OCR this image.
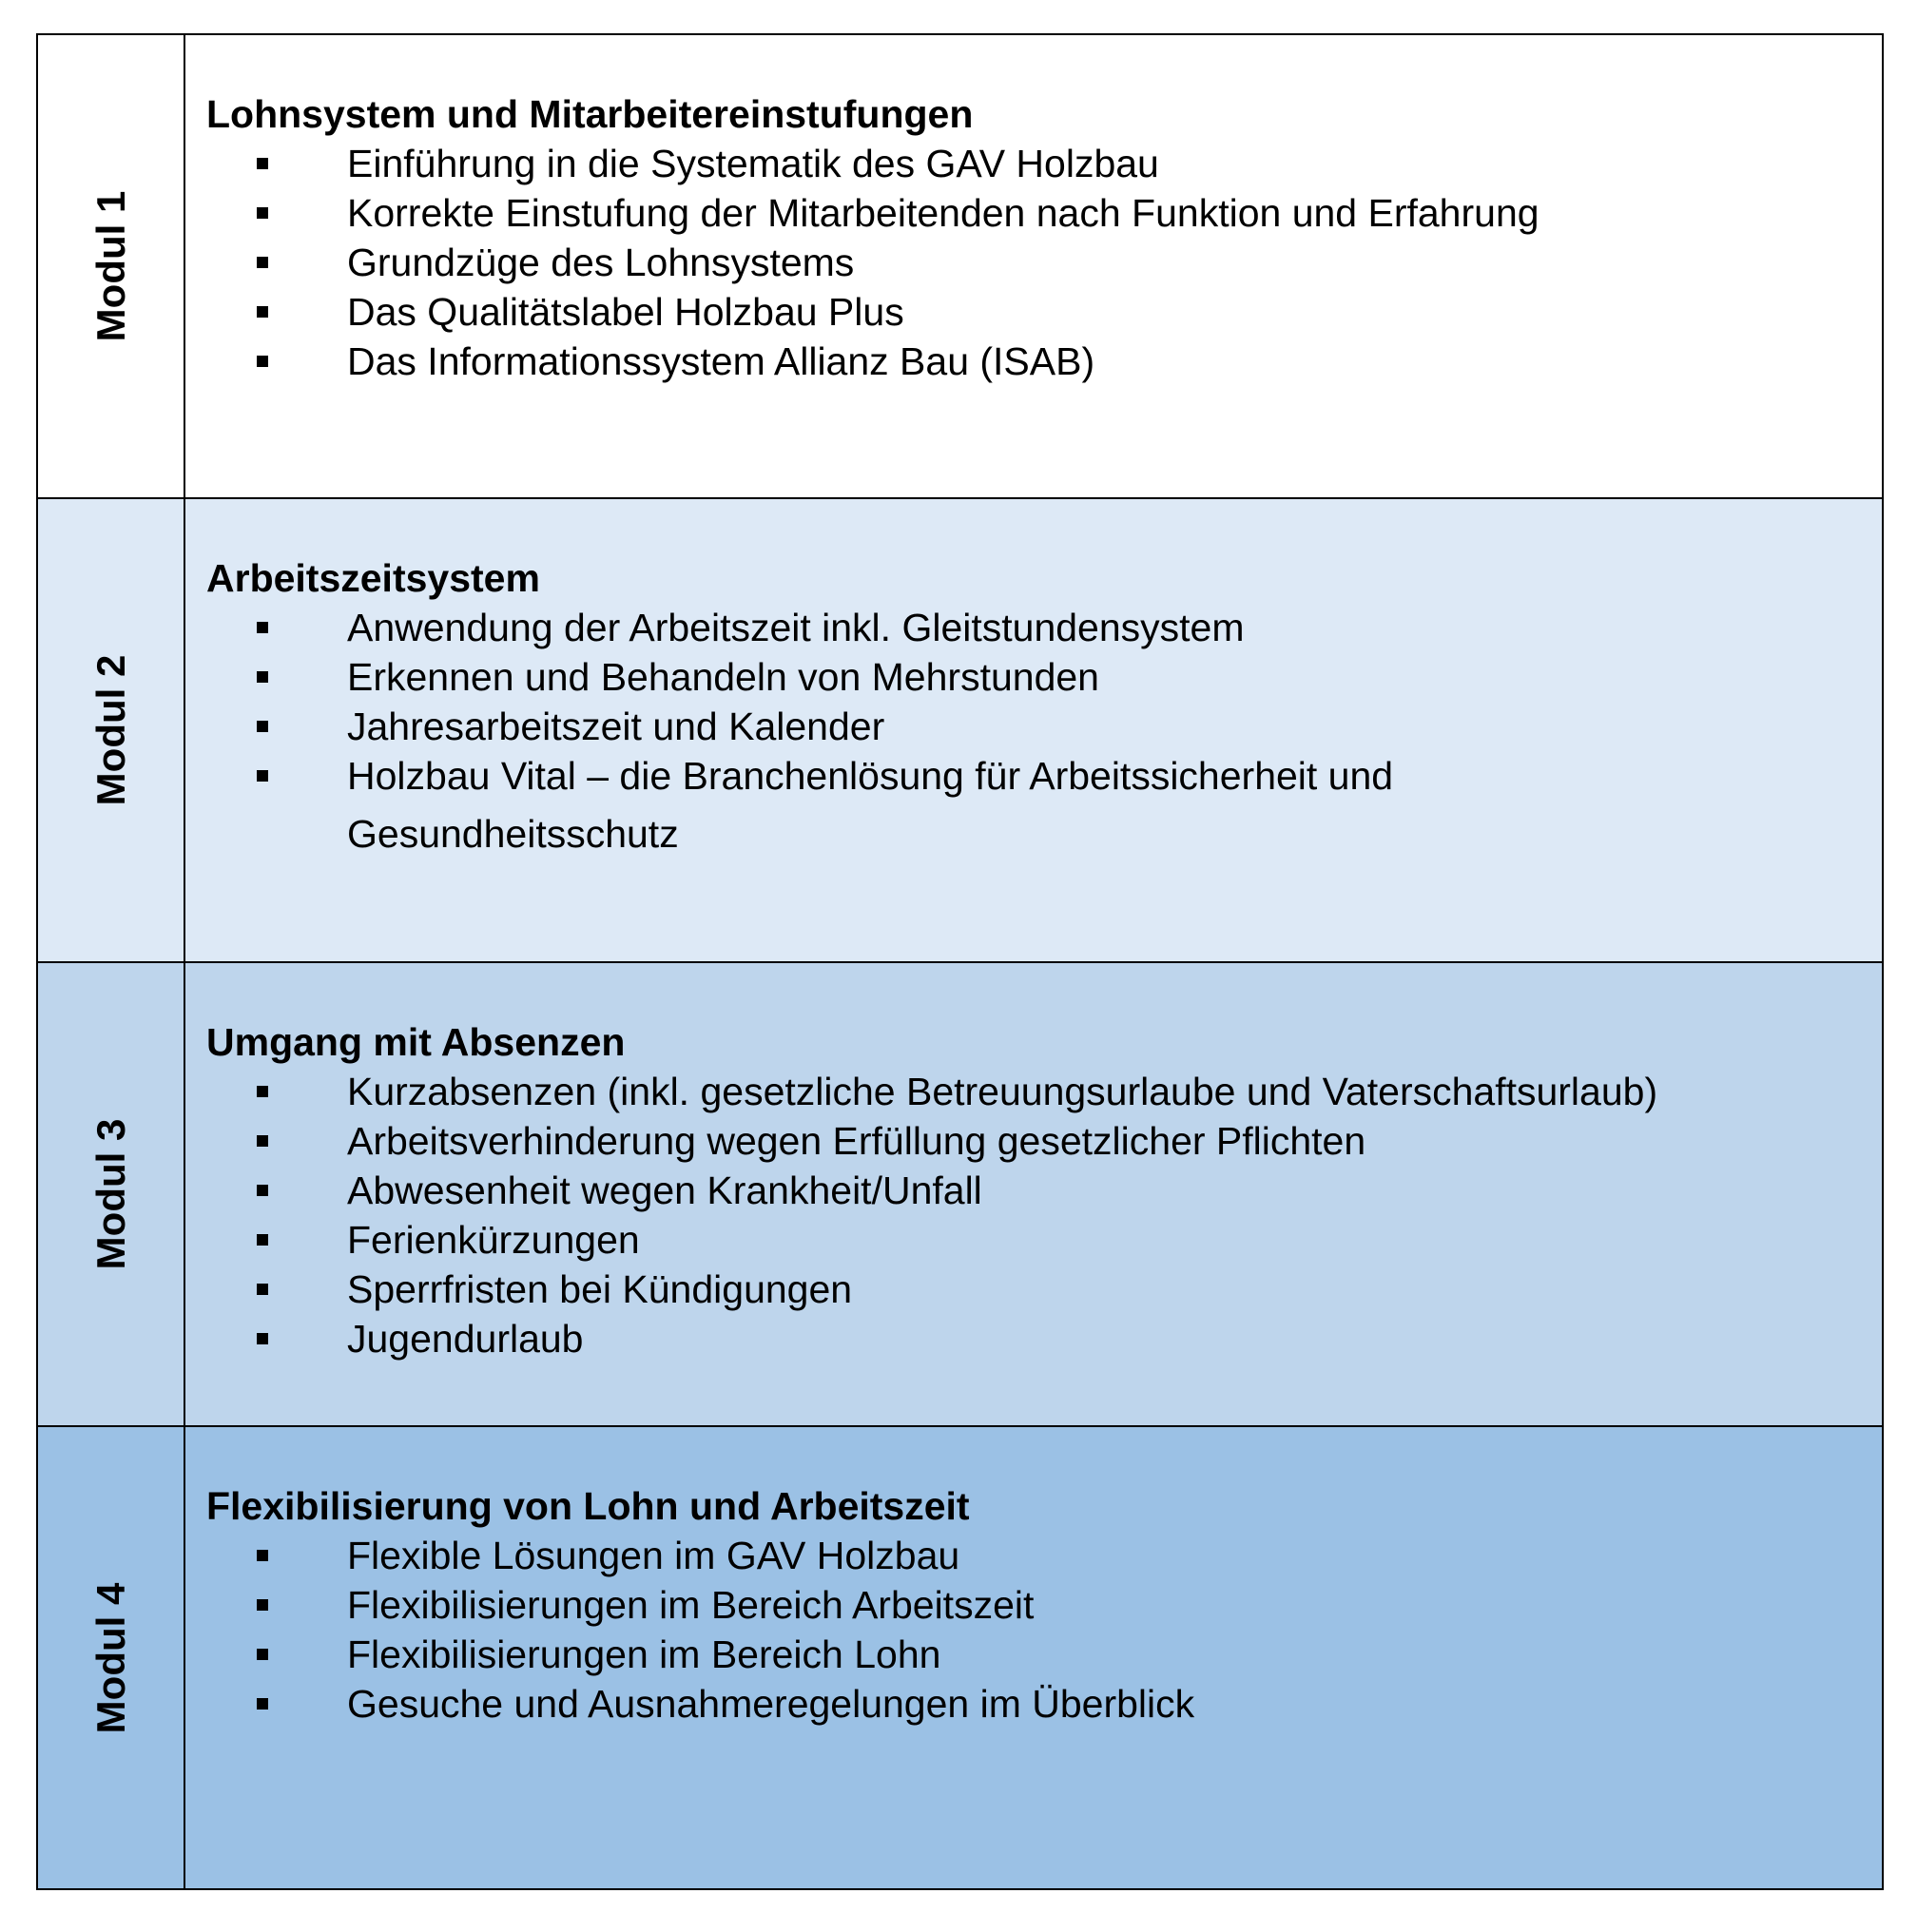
Modul 1
Lohnsystem und Mitarbeitereinstufungen
Einführung in die Systematik des GAV Holzbau
Korrekte Einstufung der Mitarbeitenden nach Funktion und Erfahrung
Grundzüge des Lohnsystems
Das Qualitätslabel Holzbau Plus
Das Informationssystem Allianz Bau (ISAB)
Modul 2
Arbeitszeitsystem
Anwendung der Arbeitszeit inkl. Gleitstundensystem
Erkennen und Behandeln von Mehrstunden
Jahresarbeitszeit und Kalender
Holzbau Vital – die Branchenlösung für Arbeitssicherheit und Gesundheitsschutz
Modul 3
Umgang mit Absenzen
Kurzabsenzen (inkl. gesetzliche Betreuungsurlaube und Vaterschaftsurlaub)
Arbeitsverhinderung wegen Erfüllung gesetzlicher Pflichten
Abwesenheit wegen Krankheit/Unfall
Ferienkürzungen
Sperrfristen bei Kündigungen
Jugendurlaub
Modul 4
Flexibilisierung von Lohn und Arbeitszeit
Flexible Lösungen im GAV Holzbau
Flexibilisierungen im Bereich Arbeitszeit
Flexibilisierungen im Bereich Lohn
Gesuche und Ausnahmeregelungen im Überblick
